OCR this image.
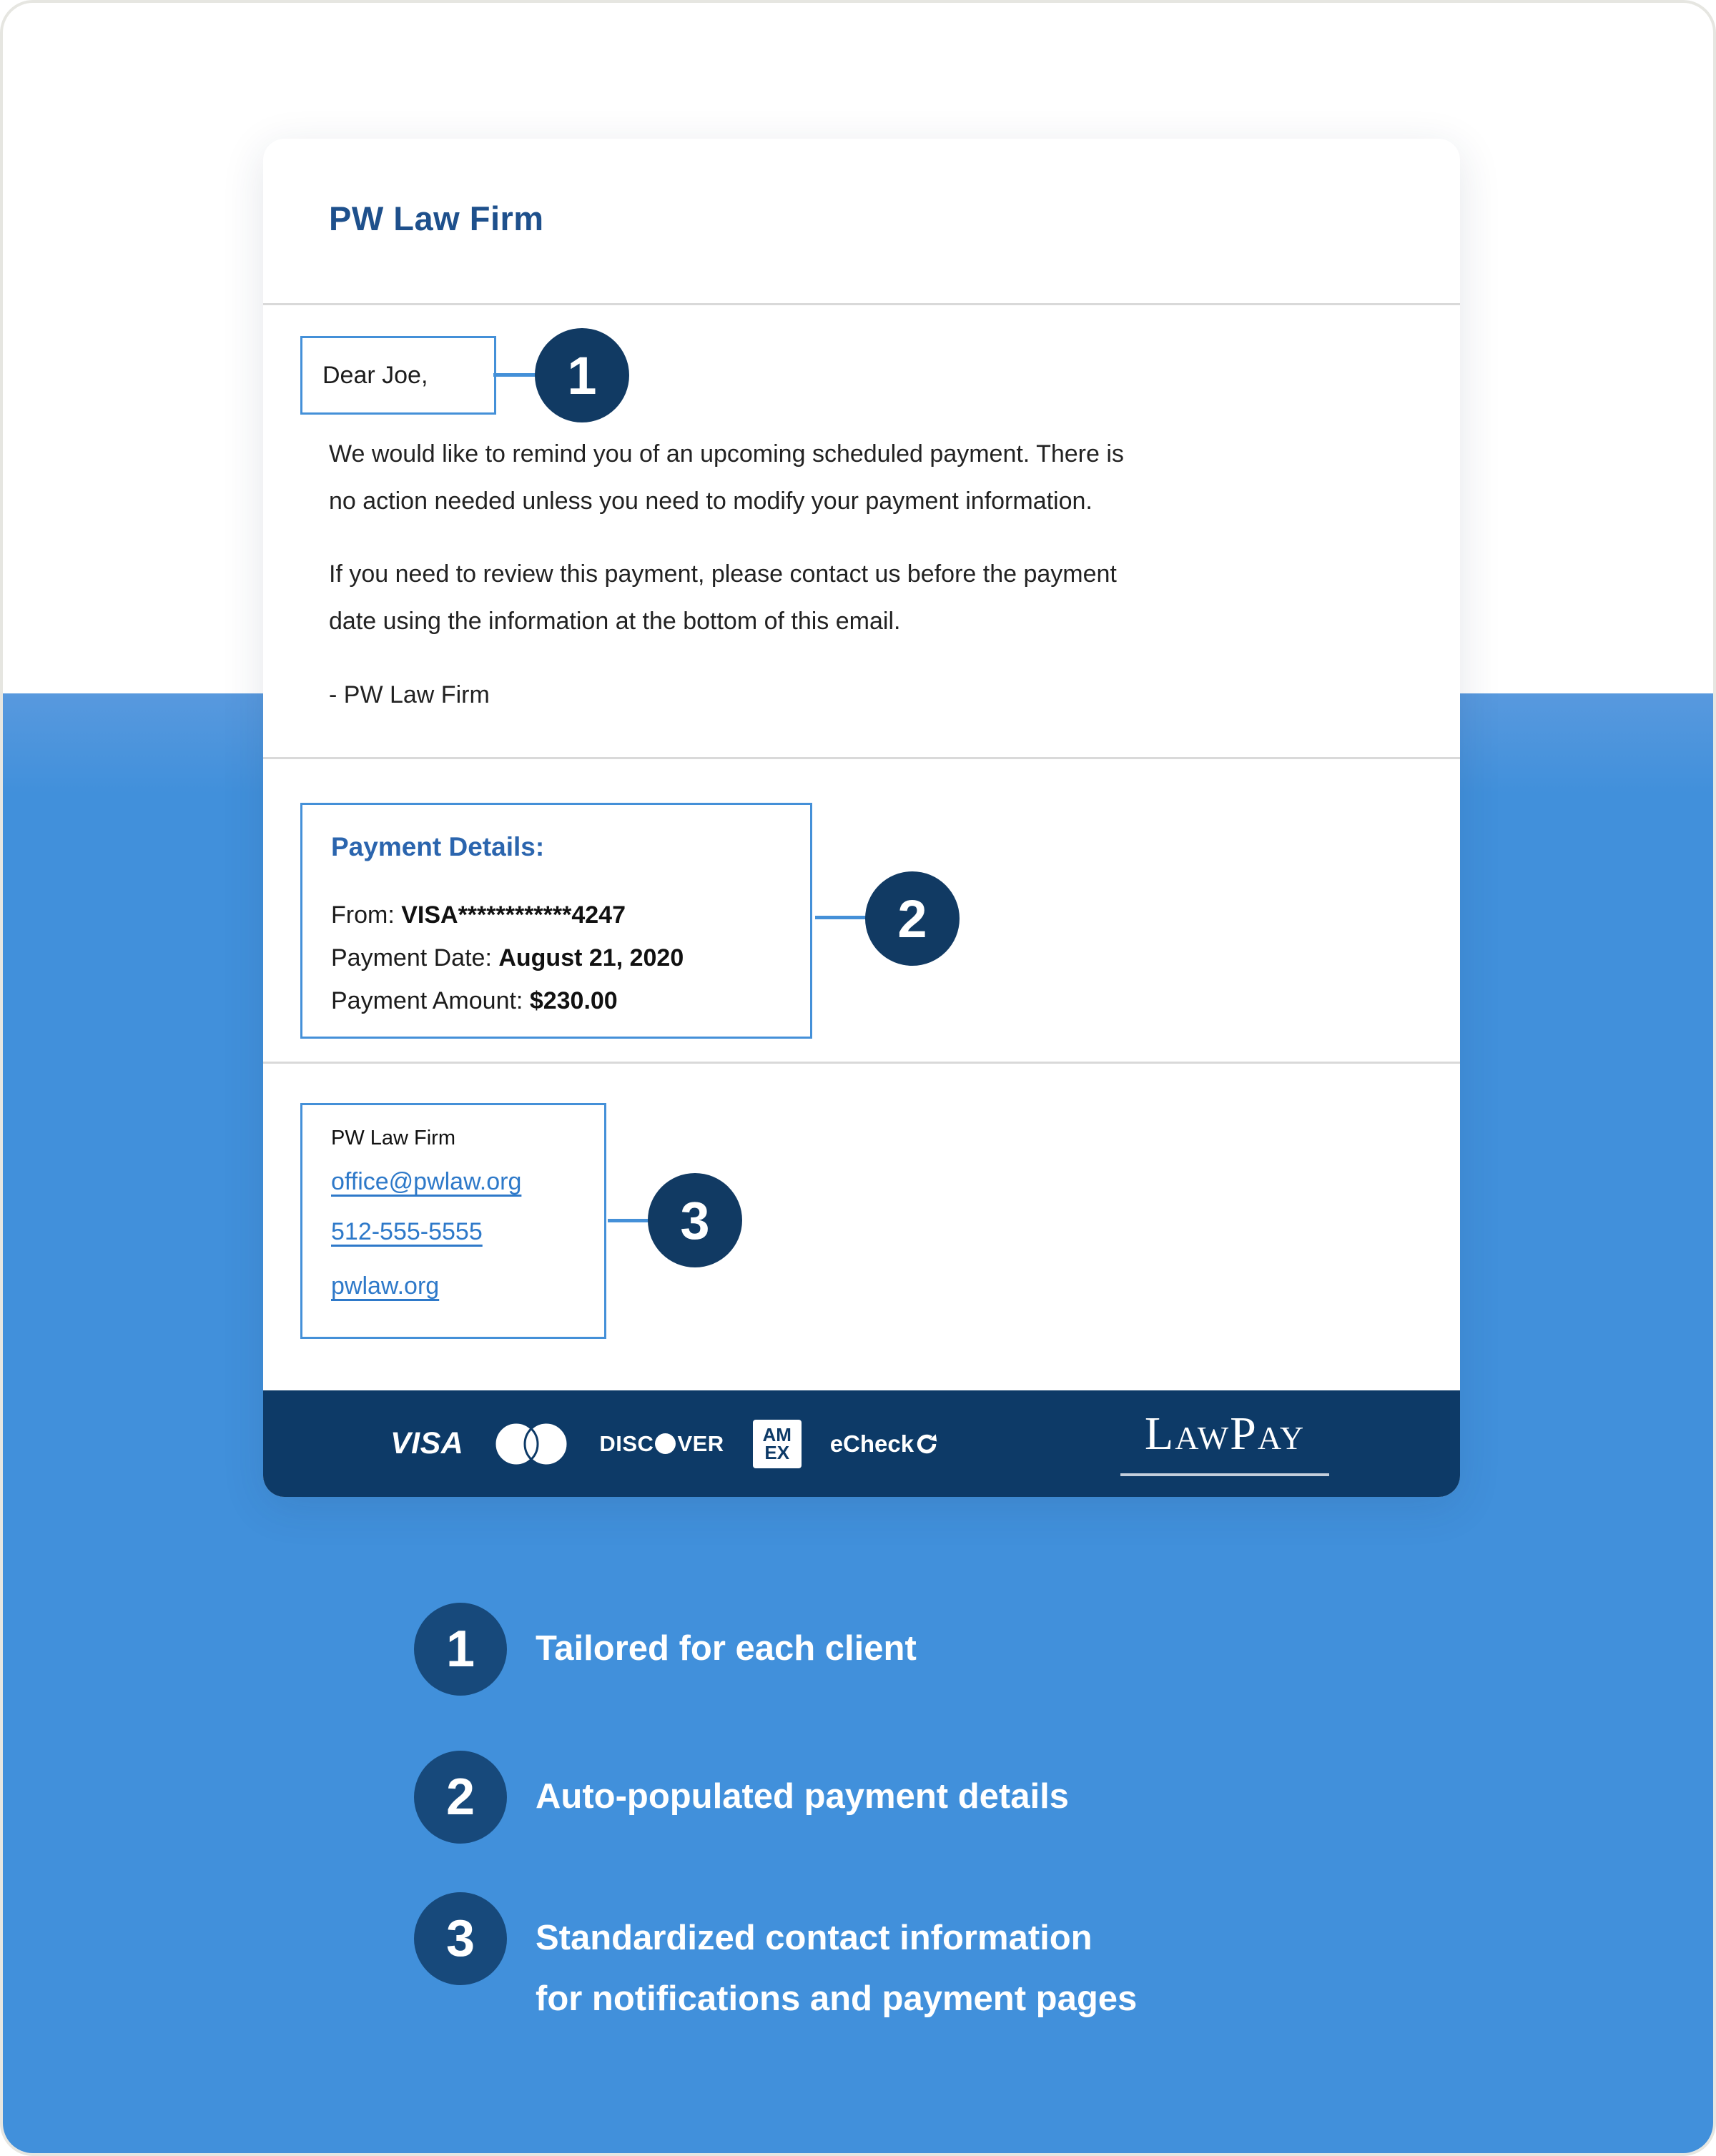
PW Law Firm
Dear Joe,	1
We would like to remind you of an upcoming scheduled payment. There is
no action needed unless you need to modify your payment information.
If you need to review this payment, please contact us before the payment
date using the information at the bottom of this email.
- PW Law Firm
Payment Details:
From: VISA************4247
Payment Date: August 21, 2020
Payment Amount: $230.00
2
PW Law Firm
office@pwlaw.org
512-555-5555
pwlaw.org
3
VISA	DISC VER AM
EX eCheck	LAWPAY
1 Tailored for each client
2 Auto-populated payment details
3 Standardized contact information
for notifications and payment pages
